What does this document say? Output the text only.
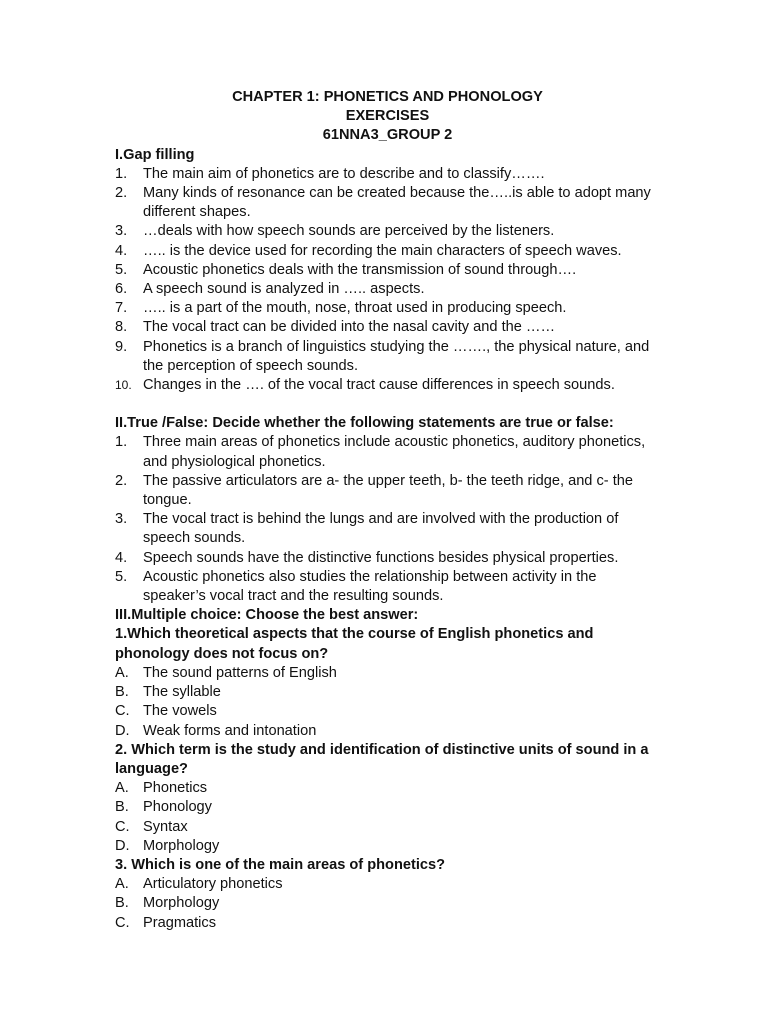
CHAPTER 1: PHONETICS AND PHONOLOGY
EXERCISES
61NNA3_GROUP 2
I.Gap filling
1. The main aim of phonetics are to describe and to classify…….
2. Many kinds of resonance can be created because the…..is able to adopt many different shapes.
3. …deals with how speech sounds are perceived by the listeners.
4. ….. is the device used for recording the main characters of speech waves.
5. Acoustic phonetics deals with the transmission of sound through….
6. A speech sound is analyzed in ….. aspects.
7. ….. is a part of the mouth, nose, throat used in producing speech.
8. The vocal tract can be divided into the nasal cavity and the ……
9. Phonetics is a branch of linguistics studying the ……., the physical nature, and the perception of speech sounds.
10. Changes in the …. of the vocal tract cause differences in speech sounds.
II.True /False: Decide whether the following statements are true or false:
1. Three main areas of phonetics include acoustic phonetics, auditory phonetics, and physiological phonetics.
2. The passive articulators are a- the upper teeth, b- the teeth ridge, and c- the tongue.
3. The vocal tract is behind the lungs and are involved with the production of speech sounds.
4. Speech sounds have the distinctive functions besides physical properties.
5. Acoustic phonetics also studies the relationship between activity in the speaker’s vocal tract and the resulting sounds.
III.Multiple choice: Choose the best answer:
1.Which theoretical aspects that the course of English phonetics and phonology does not focus on?
A. The sound patterns of English
B. The syllable
C. The vowels
D. Weak forms and intonation
2. Which term is the study and identification of distinctive units of sound in a language?
A. Phonetics
B. Phonology
C. Syntax
D. Morphology
3. Which is one of the main areas of phonetics?
A. Articulatory phonetics
B. Morphology
C. Pragmatics
